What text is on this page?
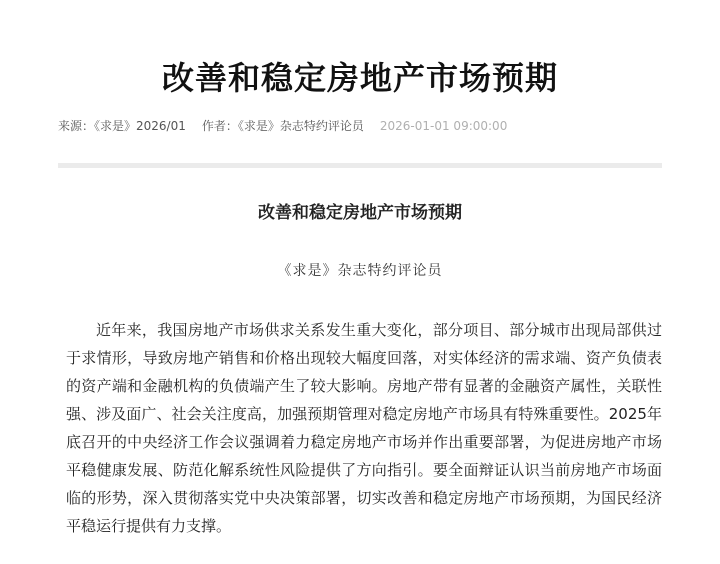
改善和稳定房地产市场预期
来源：《求是》2026/01 作者：《求是》杂志特约评论员 2026-01-01 09:00:00
改善和稳定房地产市场预期
《求是》杂志特约评论员

近年来，我国房地产市场供求关系发生重大变化，部分项目、部分城市出现局部供过于求情形，导致房地产销售和价格出现较大幅度回落，对实体经济的需求端、资产负债表的资产端和金融机构的负债端产生了较大影响。房地产带有显著的金融资产属性，关联性强、涉及面广、社会关注度高，加强预期管理对稳定房地产市场具有特殊重要性。2025年底召开的中央经济工作会议强调着力稳定房地产市场并作出重要部署，为促进房地产市场平稳健康发展、防范化解系统性风险提供了方向指引。要全面辩证认识当前房地产市场面临的形势，深入贯彻落实党中央决策部署，切实改善和稳定房地产市场预期，为国民经济平稳运行提供有力支撑。
